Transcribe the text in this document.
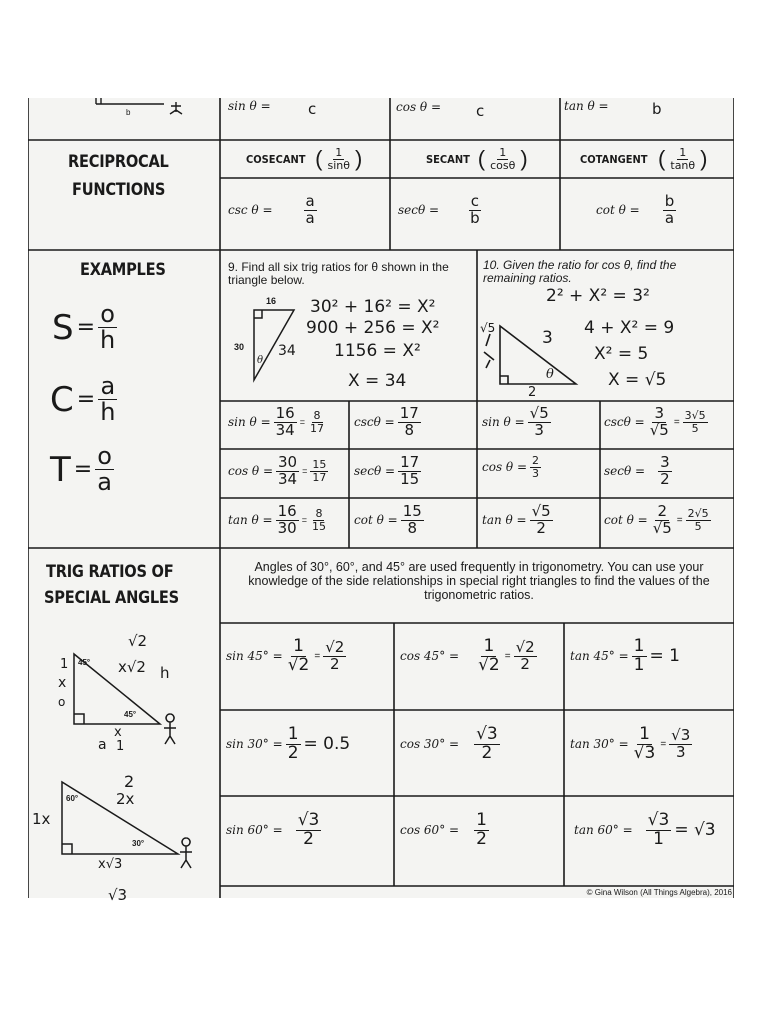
b	sin θ = c	cos θ = c	tan θ =	b
RECIPROCAL
FUNCTIONS
COSECANT ( $\frac{1}{\sin\theta}$ )	SECANT ( $\frac{1}{\cos\theta}$ )	COTANGENT ( $\frac{1}{\tan\theta}$ )
$\csc \theta = \frac{a}{a}$	$\sec\theta = \frac{c}{b}$	$\cot \theta = \frac{b}{a}$
EXAMPLES
$S = \frac{o}{h}$
$C = \frac{a}{h}$
$T = \frac{o}{a}$
9. Find all six trig ratios for θ shown in the triangle below.
16
30 34
θ
30² + 16² = X²
900 + 256 = X²
1156 = X²
X = 34
$\sin \theta = \frac{16}{34} = \frac{8}{17}$ $\csc\theta = \frac{17}{8}$
$\cos \theta = \frac{30}{34} = \frac{15}{17}$ $\sec\theta = \frac{17}{15}$
$\tan \theta = \frac{16}{30} = \frac{8}{15}$ $\cot \theta = \frac{15}{8}$
10. Given the ratio for cos θ, find the remaining ratios.
√5	3
2
θ
2² + X² = 3²
4 + X² = 9
X² = 5
X = √5
$\sin \theta = \frac{√5}{3}$	$\csc\theta = \frac{3}{√5} = \frac{3√5}{5}$
$\cos \theta = \frac{2}{3}$	$\sec\theta = \frac{3}{2}$
$\tan \theta = \frac{√5}{2}$	$\cot \theta = \frac{2}{√5} = \frac{2√5}{5}$
TRIG RATIOS OF
SPECIAL ANGLES
Angles of 30°, 60°, and 45° are used frequently in trigonometry. You can use your knowledge of the side relationships in special right triangles to find the values of the trigonometric ratios.
√2
x√2 h
45°
45°
1
x
o
x
a 1
2
2x
60°
30°
1x
x√3
√3
$\sin 45^\circ = \frac{1}{√2} = \frac{√2}{2}$	$\cos 45^\circ = \frac{1}{√2} = \frac{√2}{2}$	$\tan 45^\circ = \frac{1}{1} = 1$
$\sin 30^\circ = \frac{1}{2} = 0.5$	$\cos 30^\circ = \frac{√3}{2}$	$\tan 30^\circ = \frac{1}{√3} = \frac{√3}{3}$
$\sin 60^\circ = \frac{√3}{2}$	$\cos 60^\circ = \frac{1}{2}$	$\tan 60^\circ = \frac{√3}{1} = √3$
© Gina Wilson (All Things Algebra), 2016
